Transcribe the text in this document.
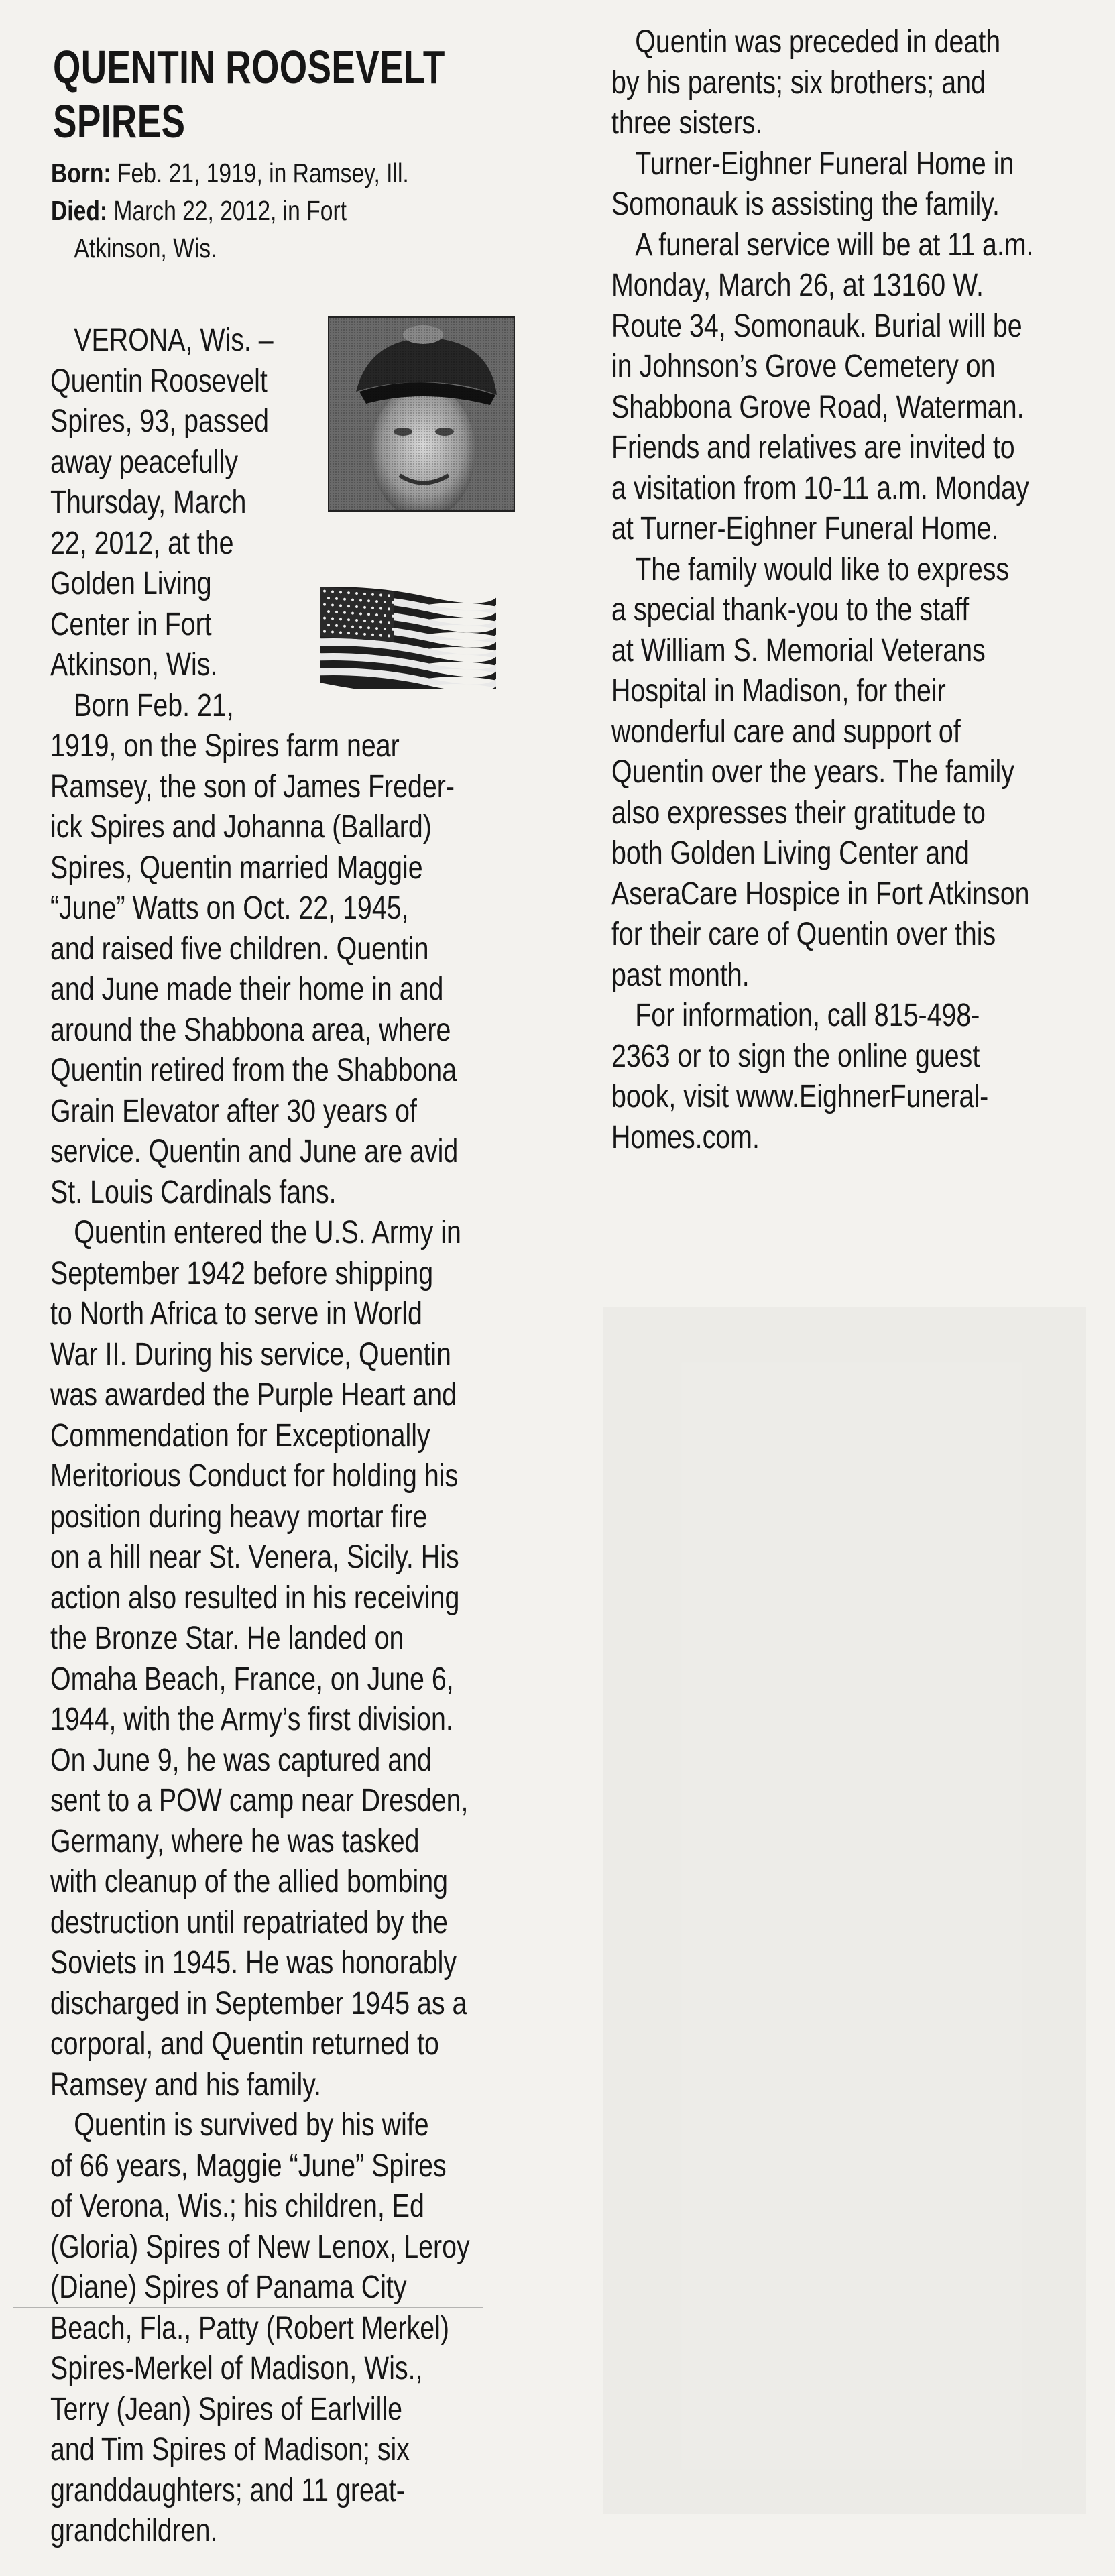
QUENTIN ROOSEVELT
SPIRES
Born: Feb. 21, 1919, in Ramsey, Ill.
Died: March 22, 2012, in Fort
Atkinson, Wis.
VERONA, Wis. –
Quentin Roosevelt
Spires, 93, passed
away peacefully
Thursday, March
22, 2012, at the
Golden Living
Center in Fort
Atkinson, Wis.
Born Feb. 21,
1919, on the Spires farm near
Ramsey, the son of James Freder-
ick Spires and Johanna (Ballard)
Spires, Quentin married Maggie
“June” Watts on Oct. 22, 1945,
and raised five children. Quentin
and June made their home in and
around the Shabbona area, where
Quentin retired from the Shabbona
Grain Elevator after 30 years of
service. Quentin and June are avid
St. Louis Cardinals fans.
Quentin entered the U.S. Army in
September 1942 before shipping
to North Africa to serve in World
War II. During his service, Quentin
was awarded the Purple Heart and
Commendation for Exceptionally
Meritorious Conduct for holding his
position during heavy mortar fire
on a hill near St. Venera, Sicily. His
action also resulted in his receiving
the Bronze Star. He landed on
Omaha Beach, France, on June 6,
1944, with the Army’s first division.
On June 9, he was captured and
sent to a POW camp near Dresden,
Germany, where he was tasked
with cleanup of the allied bombing
destruction until repatriated by the
Soviets in 1945. He was honorably
discharged in September 1945 as a
corporal, and Quentin returned to
Ramsey and his family.
Quentin is survived by his wife
of 66 years, Maggie “June” Spires
of Verona, Wis.; his children, Ed
(Gloria) Spires of New Lenox, Leroy
(Diane) Spires of Panama City
Beach, Fla., Patty (Robert Merkel)
Spires-Merkel of Madison, Wis.,
Terry (Jean) Spires of Earlville
and Tim Spires of Madison; six
granddaughters; and 11 great-
grandchildren.
Quentin was preceded in death
by his parents; six brothers; and
three sisters.
Turner-Eighner Funeral Home in
Somonauk is assisting the family.
A funeral service will be at 11 a.m.
Monday, March 26, at 13160 W.
Route 34, Somonauk. Burial will be
in Johnson’s Grove Cemetery on
Shabbona Grove Road, Waterman.
Friends and relatives are invited to
a visitation from 10-11 a.m. Monday
at Turner-Eighner Funeral Home.
The family would like to express
a special thank-you to the staff
at William S. Memorial Veterans
Hospital in Madison, for their
wonderful care and support of
Quentin over the years. The family
also expresses their gratitude to
both Golden Living Center and
AseraCare Hospice in Fort Atkinson
for their care of Quentin over this
past month.
For information, call 815-498-
2363 or to sign the online guest
book, visit www.EighnerFuneral-
Homes.com.
